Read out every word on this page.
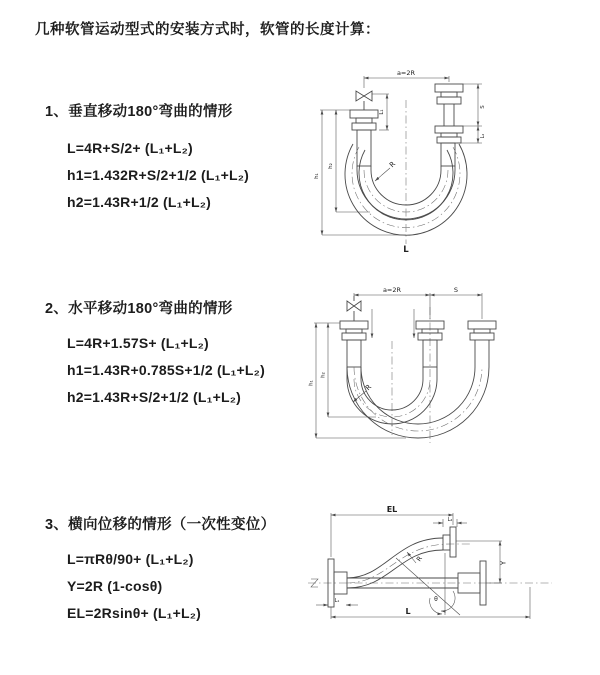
几种软管运动型式的安装方式时，软管的长度计算：
1、垂直移动180°弯曲的情形
L=4R+S/2+ (L₁+L₂)
h1=1.432R+S/2+1/2 (L₁+L₂)
h2=1.43R+1/2 (L₁+L₂)
2、水平移动180°弯曲的情形
L=4R+1.57S+ (L₁+L₂)
h1=1.43R+0.785S+1/2 (L₁+L₂)
h2=1.43R+S/2+1/2 (L₁+L₂)
3、横向位移的情形（一次性变位）
L=πRθ/90+ (L₁+L₂)
Y=2R (1-cosθ)
EL=2Rsinθ+ (L₁+L₂)
a=2R
L₁
h₁
h₂
S
L₂
R
L
a=2R	S
h₁
h₂
R
θ
R
EL
L₂
Y
L₁
L
